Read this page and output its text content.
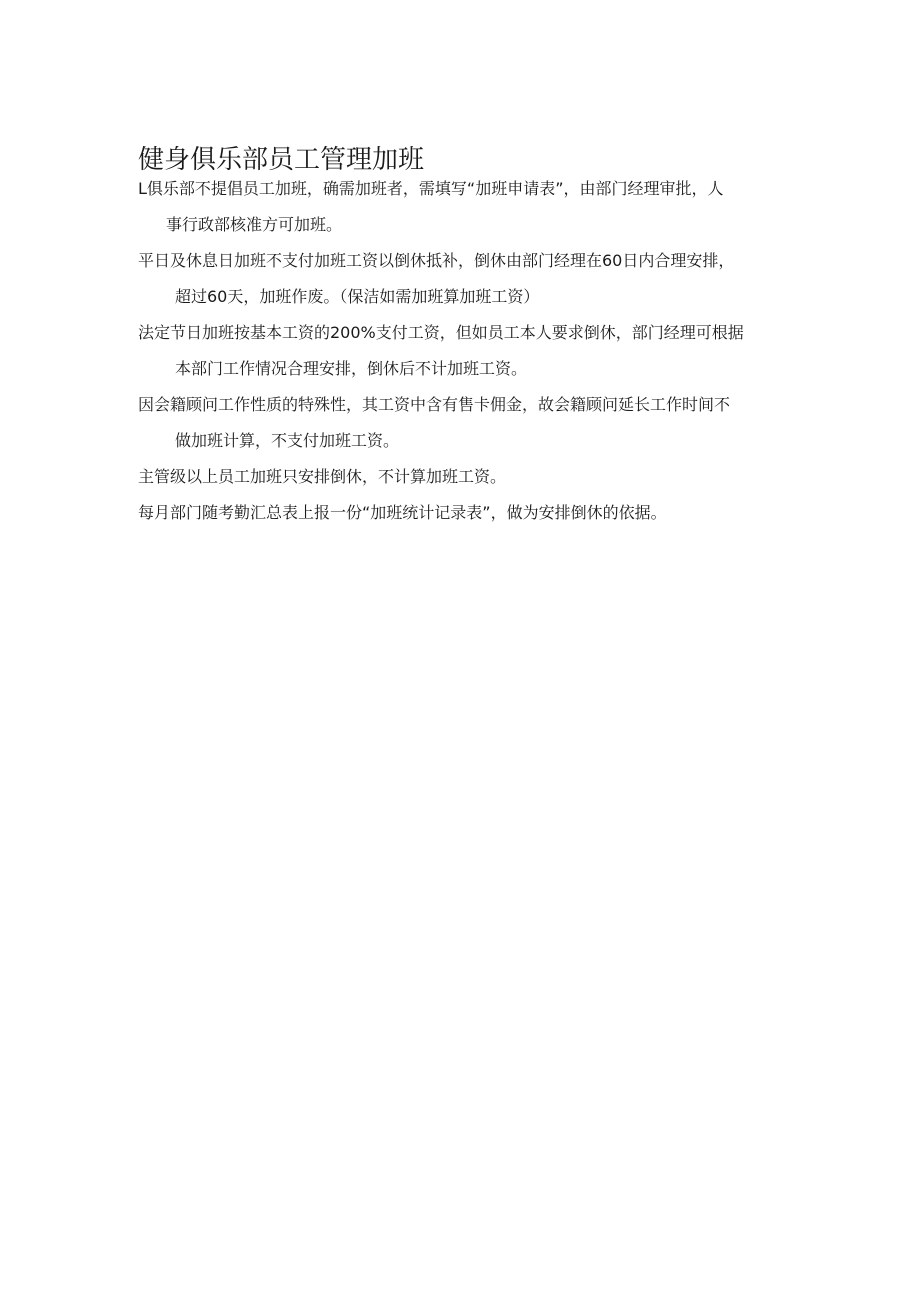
健身俱乐部员工管理加班

L俱乐部不提倡员工加班，确需加班者，需填写“加班申请表”，由部门经理审批，人
事行政部核准方可加班。

平日及休息日加班不支付加班工资以倒休抵补，倒休由部门经理在60日内合理安排，
超过60天，加班作废。（保洁如需加班算加班工资）

法定节日加班按基本工资的200%支付工资，但如员工本人要求倒休，部门经理可根据
本部门工作情况合理安排，倒休后不计加班工资。

因会籍顾问工作性质的特殊性，其工资中含有售卡佣金，故会籍顾问延长工作时间不
做加班计算，不支付加班工资。

主管级以上员工加班只安排倒休，不计算加班工资。

每月部门随考勤汇总表上报一份“加班统计记录表”，做为安排倒休的依据。
